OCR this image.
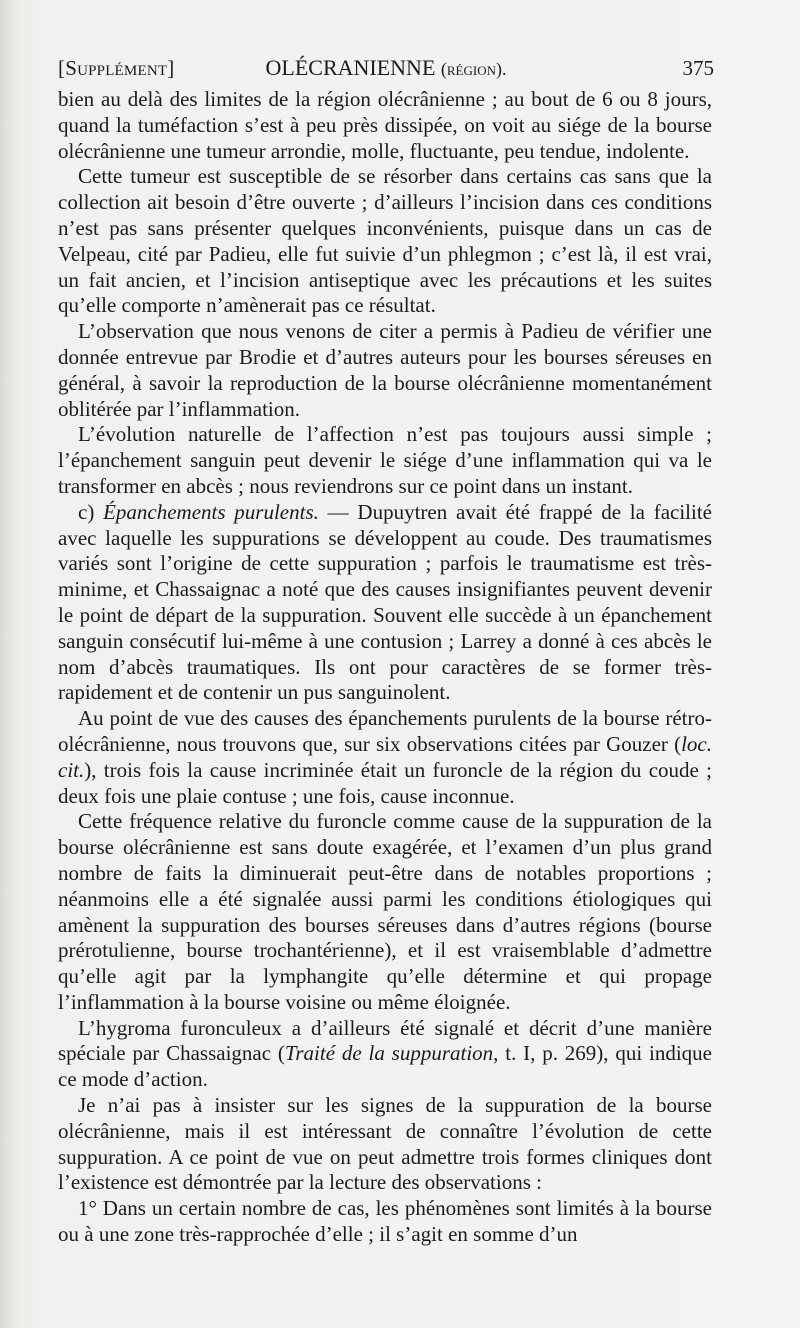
[Supplément]	OLÉCRANIENNE (région).	375

bien au delà des limites de la région olécrânienne ; au bout de 6 ou 8 jours, quand la tuméfaction s’est à peu près dissipée, on voit au siége de la bourse olécrânienne une tumeur arrondie, molle, fluctuante, peu tendue, indolente.

Cette tumeur est susceptible de se résorber dans certains cas sans que la collection ait besoin d’être ouverte ; d’ailleurs l’incision dans ces conditions n’est pas sans présenter quelques inconvénients, puisque dans un cas de Velpeau, cité par Padieu, elle fut suivie d’un phlegmon ; c’est là, il est vrai, un fait ancien, et l’incision antiseptique avec les précautions et les suites qu’elle comporte n’amènerait pas ce résultat.

L’observation que nous venons de citer a permis à Padieu de vérifier une donnée entrevue par Brodie et d’autres auteurs pour les bourses séreuses en général, à savoir la reproduction de la bourse olécrânienne momentanément oblitérée par l’inflammation.

L’évolution naturelle de l’affection n’est pas toujours aussi simple ; l’épanchement sanguin peut devenir le siége d’une inflammation qui va le transformer en abcès ; nous reviendrons sur ce point dans un instant.

c) Épanchements purulents. — Dupuytren avait été frappé de la facilité avec laquelle les suppurations se développent au coude. Des traumatismes variés sont l’origine de cette suppuration ; parfois le traumatisme est très-minime, et Chassaignac a noté que des causes insignifiantes peuvent devenir le point de départ de la suppuration. Souvent elle succède à un épanchement sanguin consécutif lui-même à une contusion ; Larrey a donné à ces abcès le nom d’abcès traumatiques. Ils ont pour caractères de se former très-rapidement et de contenir un pus sanguinolent.

Au point de vue des causes des épanchements purulents de la bourse rétro-olécrânienne, nous trouvons que, sur six observations citées par Gouzer (loc. cit.), trois fois la cause incriminée était un furoncle de la région du coude ; deux fois une plaie contuse ; une fois, cause inconnue.

Cette fréquence relative du furoncle comme cause de la suppuration de la bourse olécrânienne est sans doute exagérée, et l’examen d’un plus grand nombre de faits la diminuerait peut-être dans de notables proportions ; néanmoins elle a été signalée aussi parmi les conditions étiologiques qui amènent la suppuration des bourses séreuses dans d’autres régions (bourse prérotulienne, bourse trochantérienne), et il est vraisemblable d’admettre qu’elle agit par la lymphangite qu’elle détermine et qui propage l’inflammation à la bourse voisine ou même éloignée.

L’hygroma furonculeux a d’ailleurs été signalé et décrit d’une manière spéciale par Chassaignac (Traité de la suppuration, t. I, p. 269), qui indique ce mode d’action.

Je n’ai pas à insister sur les signes de la suppuration de la bourse olécrânienne, mais il est intéressant de connaître l’évolution de cette suppuration. A ce point de vue on peut admettre trois formes cliniques dont l’existence est démontrée par la lecture des observations :

1° Dans un certain nombre de cas, les phénomènes sont limités à la bourse ou à une zone très-rapprochée d’elle ; il s’agit en somme d’un
